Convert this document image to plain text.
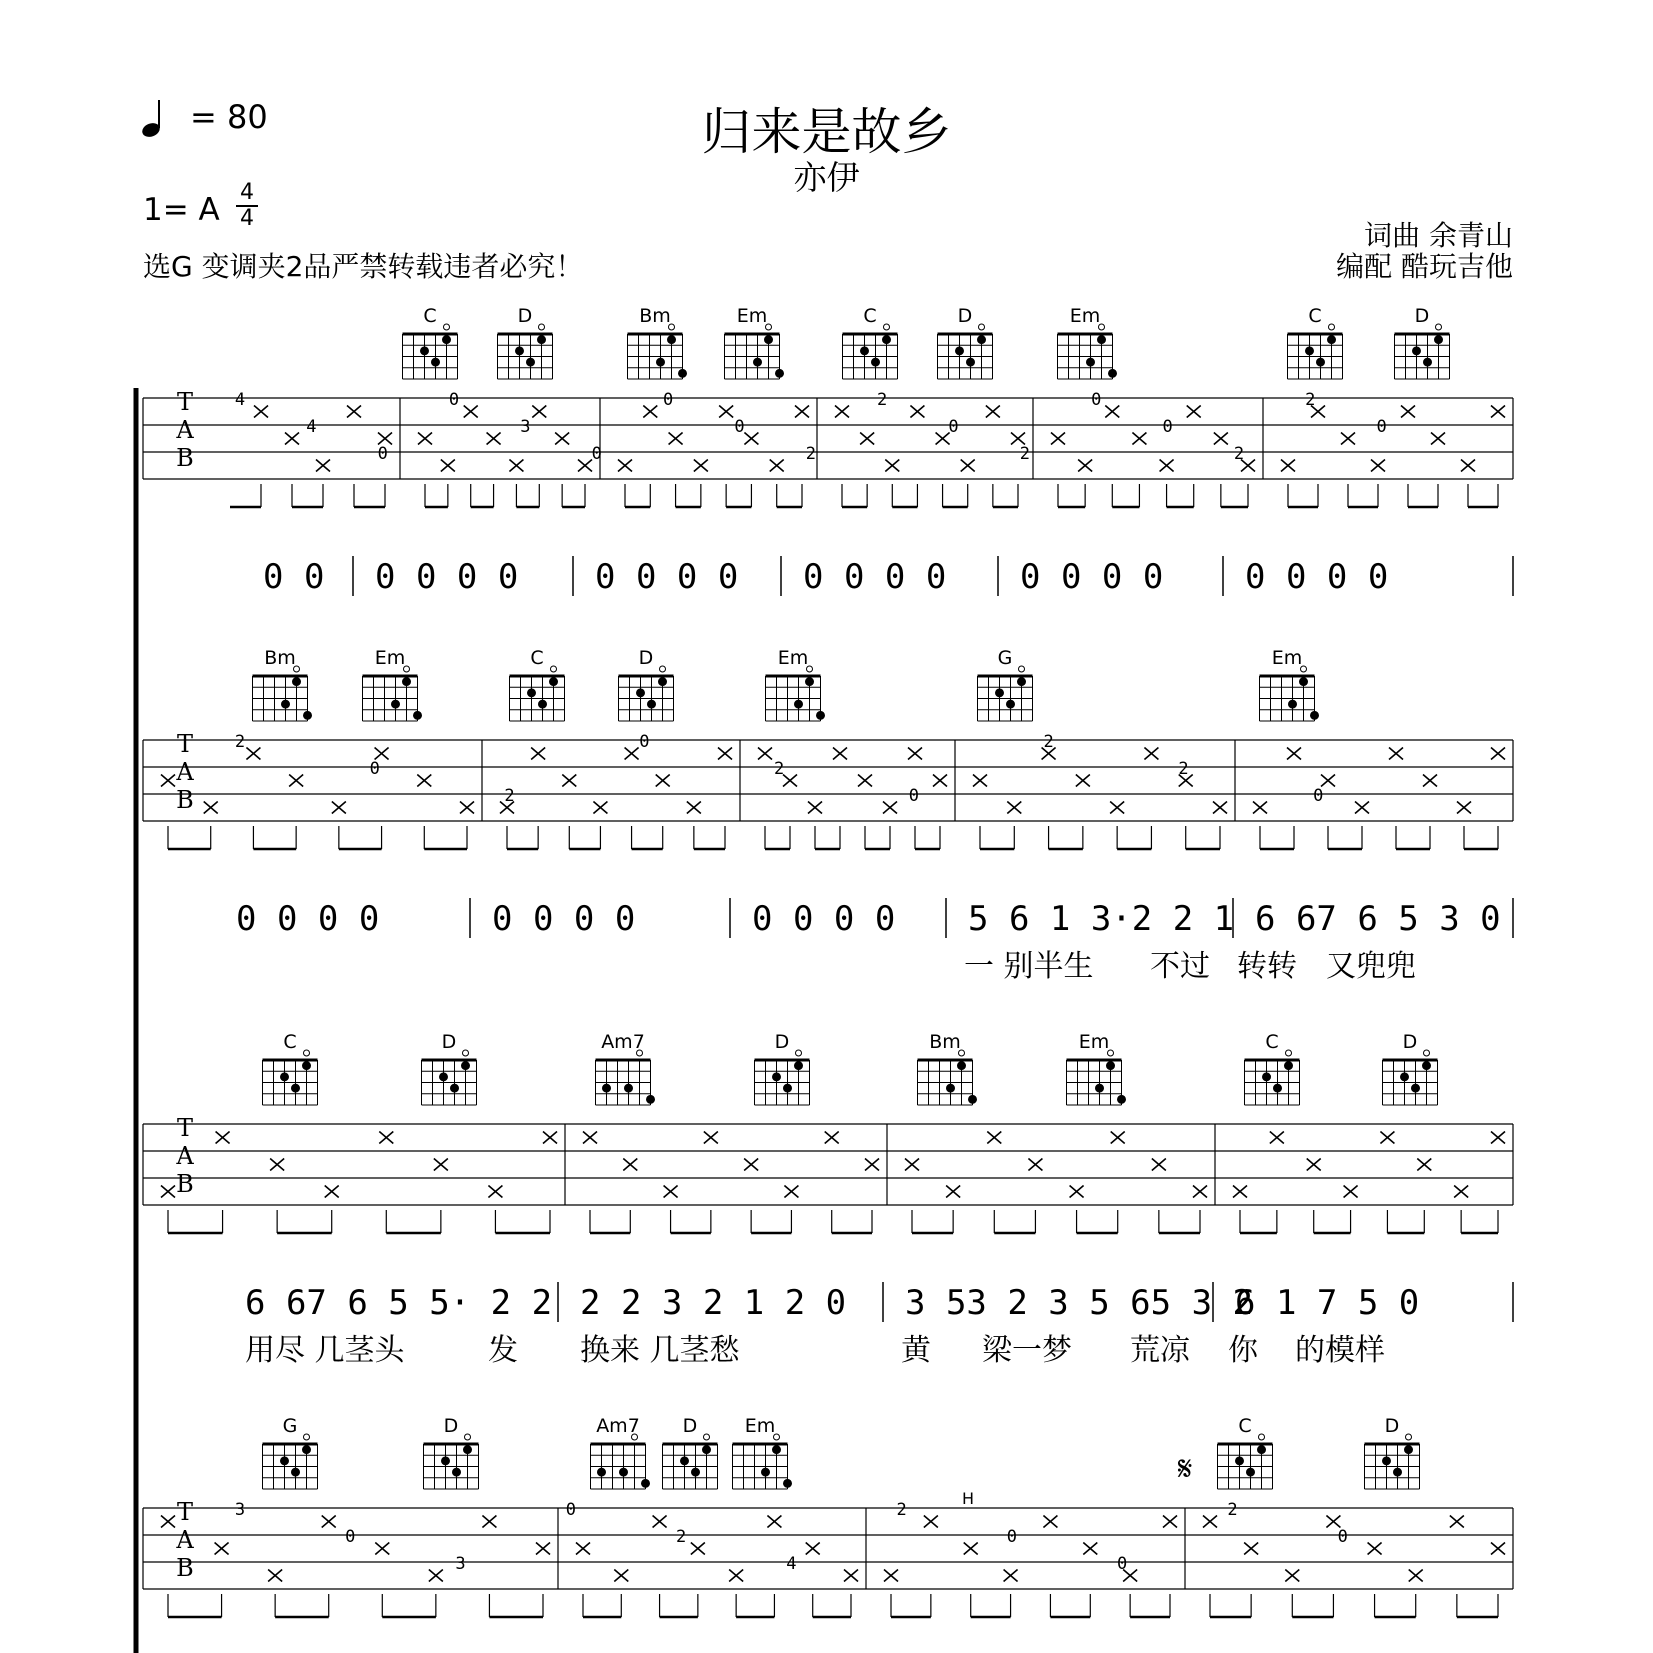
= 80	归来是故乡
亦伊
1= A 4
4
选G 变调夹2品严禁转载违者必究！
词曲 余青山
编配 酷玩吉他
C	D	Bm	Em	C	D	Em	C	D
T
A
B
4
4
0
0
3
0
0
0
2
2
0
2
0
0
2
2
0
0 0 0 0 0 0 0 0 0 0 0 0 0 0 0 0 0 0 0 0 0 0
Bm	Em	C	D	Em	G	Em
T
A
B
2
0
2
0
2
0
2
2
0
0 0 0 0	0 0 0 0	0 0 0 0 5 6 1 3·2 2 1 6 67 6 5 3 0
一 别半生 不过 转转 又兜兜
C	D	Am7	D	Bm	Em	C	D
T
A
B
6 67 6 5 5· 2 2 2 2 3 2 1 2 0 3 53 2 3 5 65 3 2
6 1 7 5 0
用尽 几茎头	发 换来 几茎愁	黄 梁一梦 荒凉 你 的模样
G	D	Am7 D Em	C	D
T
A
B
3
0
3
0
2
4
2
0
0
2
0
H
𝄋
